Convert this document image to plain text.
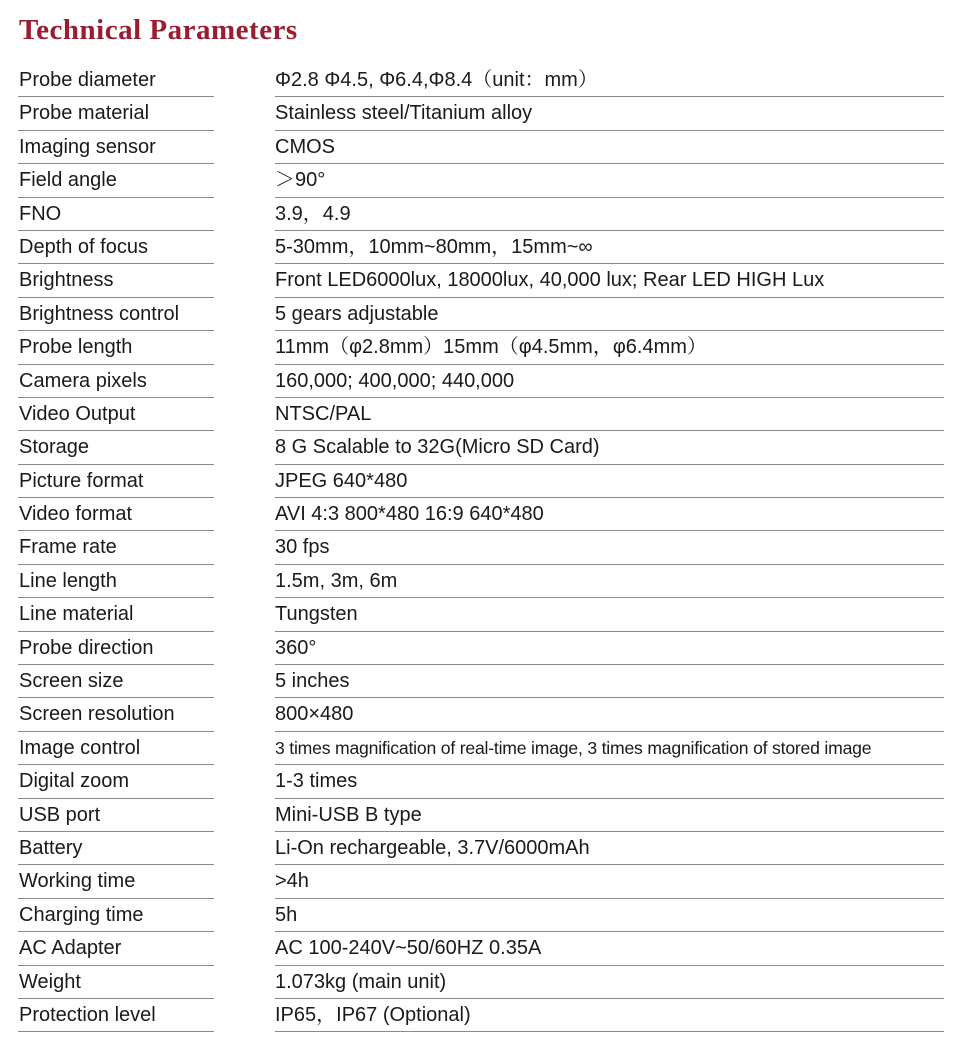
Technical Parameters
Probe diameter	Φ2.8 Φ4.5, Φ6.4,Φ8.4（unit：mm）
Probe material	Stainless steel/Titanium alloy
Imaging sensor	CMOS
Field angle	＞90°
FNO	3.9，4.9
Depth of focus	5-30mm，10mm~80mm，15mm~∞
Brightness	Front LED6000lux, 18000lux, 40,000 lux; Rear LED HIGH Lux
Brightness control	5 gears adjustable
Probe length	11mm（φ2.8mm）15mm（φ4.5mm，φ6.4mm）
Camera pixels	160,000; 400,000; 440,000
Video Output	NTSC/PAL
Storage	8 G Scalable to 32G(Micro SD Card)
Picture format	JPEG 640*480
Video format	AVI 4:3 800*480 16:9 640*480
Frame rate	30 fps
Line length	1.5m, 3m, 6m
Line material	Tungsten
Probe direction	360°
Screen size	5 inches
Screen resolution	800×480
Image control	3 times magnification of real-time image, 3 times magnification of stored image
Digital zoom	1-3 times
USB port	Mini-USB B type
Battery	Li-On rechargeable, 3.7V/6000mAh
Working time	>4h
Charging time	5h
AC Adapter	AC 100-240V~50/60HZ 0.35A
Weight	1.073kg (main unit)
Protection level	IP65，IP67 (Optional)
